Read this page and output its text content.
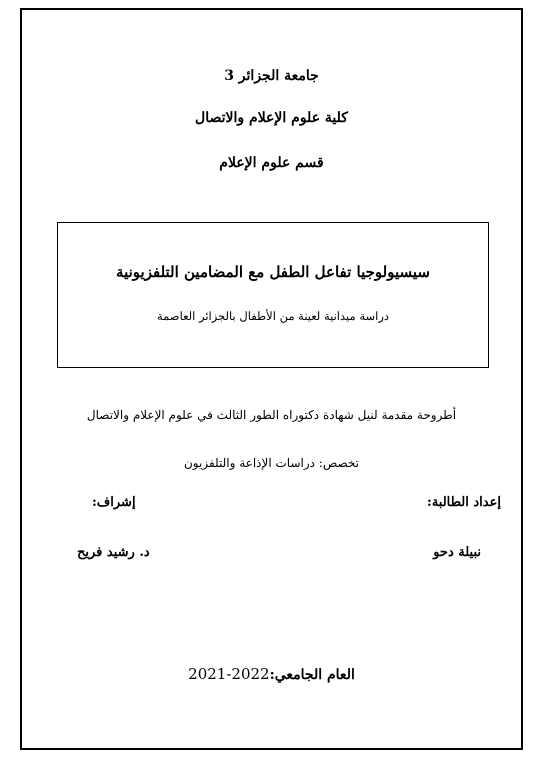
جامعة الجزائر 3
كلية علوم الإعلام والاتصال
قسم علوم الإعلام
سيسيولوجيا تفاعل الطفل مع المضامين التلفزيونية
دراسة ميدانية لعينة من الأطفال بالجزائر العاصمة
أطروحة مقدمة لنيل شهادة دكتوراه الطور الثالث في علوم الإعلام والاتصال
تخصص: دراسات الإذاعة والتلفزيون
إعداد الطالبة:
إشراف:
نبيلة دحو
د. رشيد فريح
2021-2022العام الجامعي:
